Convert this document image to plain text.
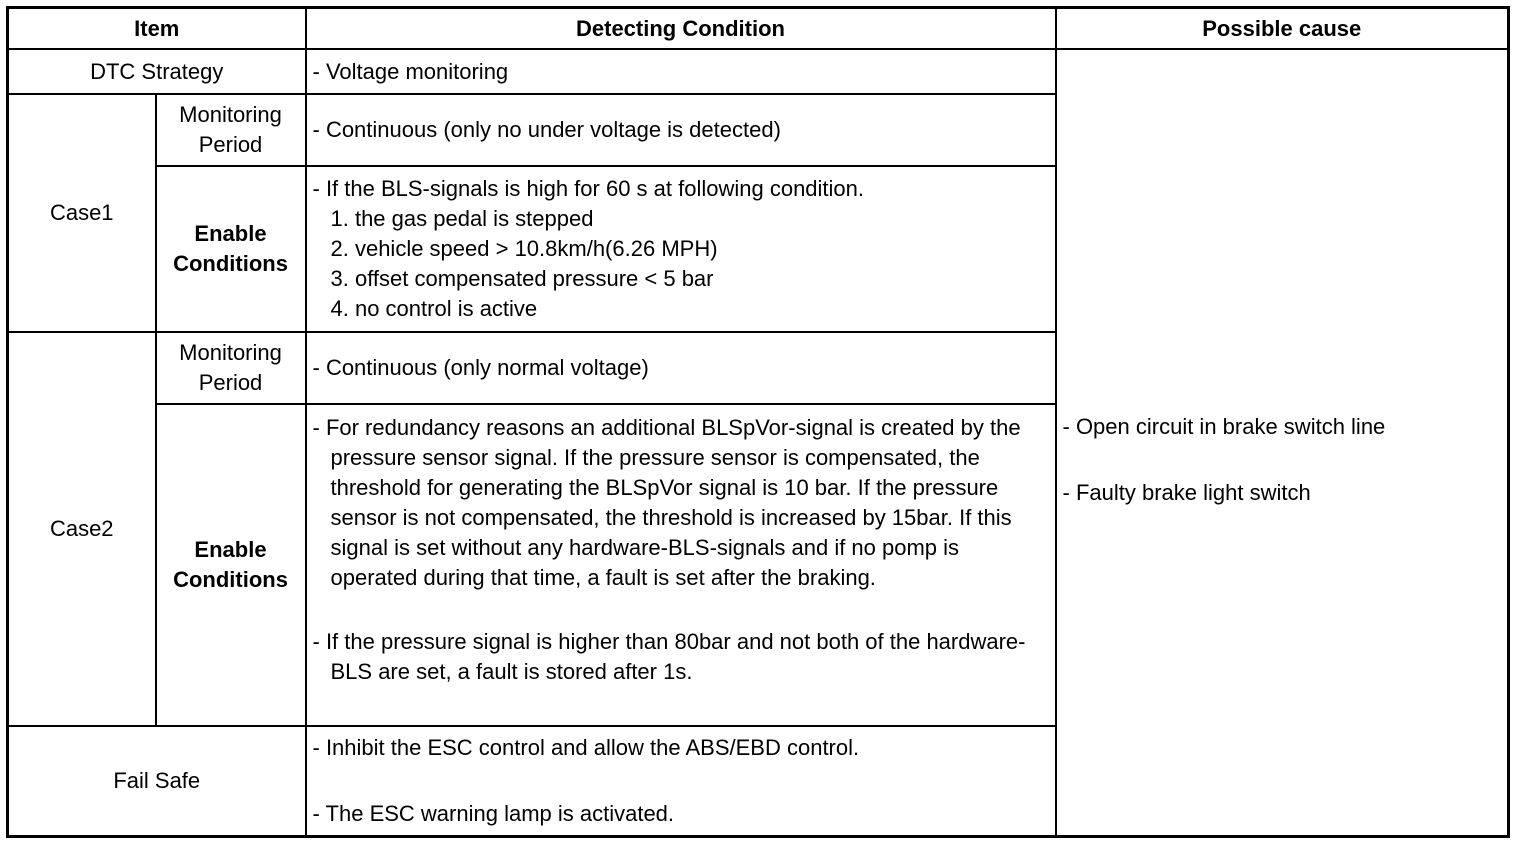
Item		Detecting Condition	Possible cause
DTC Strategy		- Voltage monitoring	- Open circuit in brake switch line
- Faulty brake light switch

Case1	Monitoring Period	- Continuous (only no under voltage is detected)	

	Enable Conditions	- If the BLS-signals is high for 60 s at following condition.
1. the gas pedal is stepped
2. vehicle speed > 10.8km/h(6.26 MPH)
3. offset compensated pressure < 5 bar
4. no control is active	

Case2	Monitoring Period	- Continuous (only normal voltage)	

	Enable Conditions	- For redundancy reasons an additional BLSpVor-signal is created by the pressure sensor signal. If the pressure sensor is compensated, the threshold for generating the BLSpVor signal is 10 bar. If the pressure sensor is not compensated, the threshold is increased by 15bar. If this signal is set without any hardware-BLS-signals and if no pomp is operated during that time, a fault is set after the braking.
- If the pressure signal is higher than 80bar and not both of the hardware-BLS are set, a fault is stored after 1s.	

Fail Safe		- Inhibit the ESC control and allow the ABS/EBD control.
- The ESC warning lamp is activated.	
